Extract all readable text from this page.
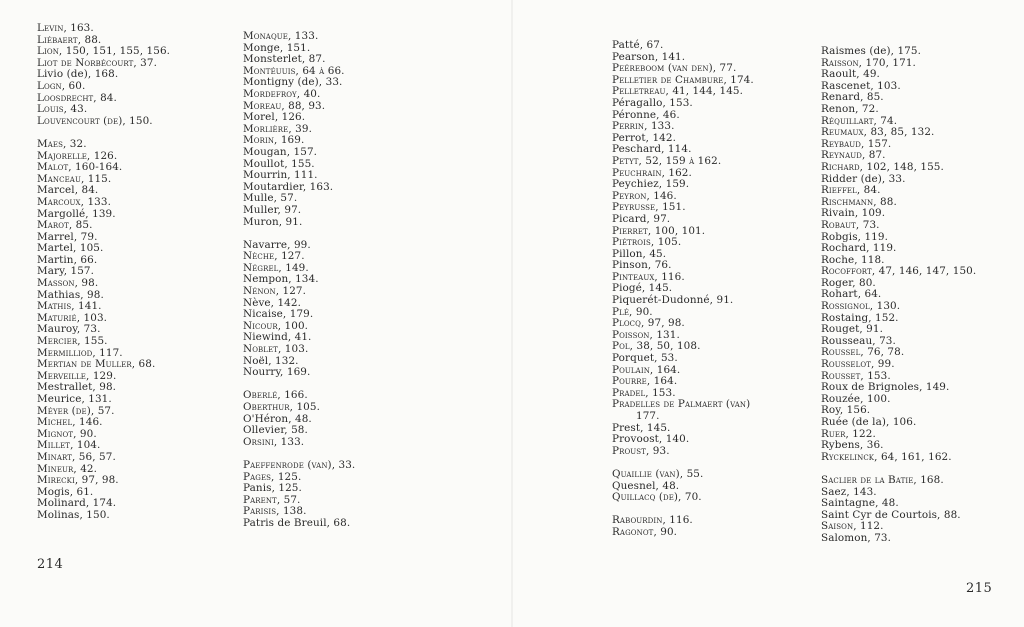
Levin, 163.
Liébaert, 88.
Lion, 150, 151, 155, 156.
Liot de Norbécourt, 37.
Livio (de), 168.
Logn, 60.
Loosdrecht, 84.
Louis, 43.
Louvencourt (de), 150.
Maes, 32.
Majorelle, 126.
Malot, 160-164.
Manceau, 115.
Marcel, 84.
Marcoux, 133.
Margollé, 139.
Marot, 85.
Marrel, 79.
Martel, 105.
Martin, 66.
Mary, 157.
Masson, 98.
Mathias, 98.
Mathis, 141.
Maturié, 103.
Mauroy, 73.
Mercier, 155.
Mermilliod, 117.
Mertian de Muller, 68.
Merveille, 129.
Mestrallet, 98.
Meurice, 131.
Méyer (de), 57.
Michel, 146.
Mignot, 90.
Millet, 104.
Minart, 56, 57.
Mineur, 42.
Mirecki, 97, 98.
Mogis, 61.
Molinard, 174.
Molinas, 150.
Monaque, 133.
Monge, 151.
Monsterlet, 87.
Montéuuis, 64 à 66.
Montigny (de), 33.
Mordefroy, 40.
Moreau, 88, 93.
Morel, 126.
Morlière, 39.
Morin, 169.
Mougan, 157.
Moullot, 155.
Mourrin, 111.
Moutardier, 163.
Mulle, 57.
Muller, 97.
Muron, 91.
Navarre, 99.
Nèche, 127.
Négrel, 149.
Nempon, 134.
Nénon, 127.
Nève, 142.
Nicaise, 179.
Nicour, 100.
Niewind, 41.
Noblet, 103.
Noël, 132.
Nourry, 169.
Oberlé, 166.
Oberthur, 105.
O'Héron, 48.
Ollevier, 58.
Orsini, 133.
Paeffenrode (van), 33.
Pages, 125.
Panis, 125.
Parent, 57.
Parisis, 138.
Patris de Breuil, 68.
214
Patté, 67.
Pearson, 141.
Peéreboom (van den), 77.
Pelletier de Chambure, 174.
Pelletreau, 41, 144, 145.
Péragallo, 153.
Péronne, 46.
Perrin, 133.
Perrot, 142.
Peschard, 114.
Petyt, 52, 159 à 162.
Peuchrain, 162.
Peychiez, 159.
Peyron, 146.
Peyrusse, 151.
Picard, 97.
Pierret, 100, 101.
Piétrois, 105.
Pillon, 45.
Pinson, 76.
Pinteaux, 116.
Piogé, 145.
Piquerét-Dudonné, 91.
Plé, 90.
Plocq, 97, 98.
Poisson, 131.
Pol, 38, 50, 108.
Porquet, 53.
Poulain, 164.
Pourre, 164.
Pradel, 153.
Pradelles de Palmaert (van)
177.
Prest, 145.
Provoost, 140.
Proust, 93.
Quaillie (van), 55.
Quesnel, 48.
Quillacq (de), 70.
Rabourdin, 116.
Ragonot, 90.
Raismes (de), 175.
Raisson, 170, 171.
Raoult, 49.
Rascenet, 103.
Renard, 85.
Renon, 72.
Réquillart, 74.
Reumaux, 83, 85, 132.
Reybaud, 157.
Reynaud, 87.
Richard, 102, 148, 155.
Ridder (de), 33.
Rieffel, 84.
Rischmann, 88.
Rivain, 109.
Robaut, 73.
Robgis, 119.
Rochard, 119.
Roche, 118.
Rocoffort, 47, 146, 147, 150.
Roger, 80.
Rohart, 64.
Rossignol, 130.
Rostaing, 152.
Rouget, 91.
Rousseau, 73.
Roussel, 76, 78.
Rousselot, 99.
Rousset, 153.
Roux de Brignoles, 149.
Rouzée, 100.
Roy, 156.
Ruée (de la), 106.
Ruer, 122.
Rybens, 36.
Ryckelinck, 64, 161, 162.
Saclier de la Batie, 168.
Saez, 143.
Saintagne, 48.
Saint Cyr de Courtois, 88.
Saison, 112.
Salomon, 73.
215
